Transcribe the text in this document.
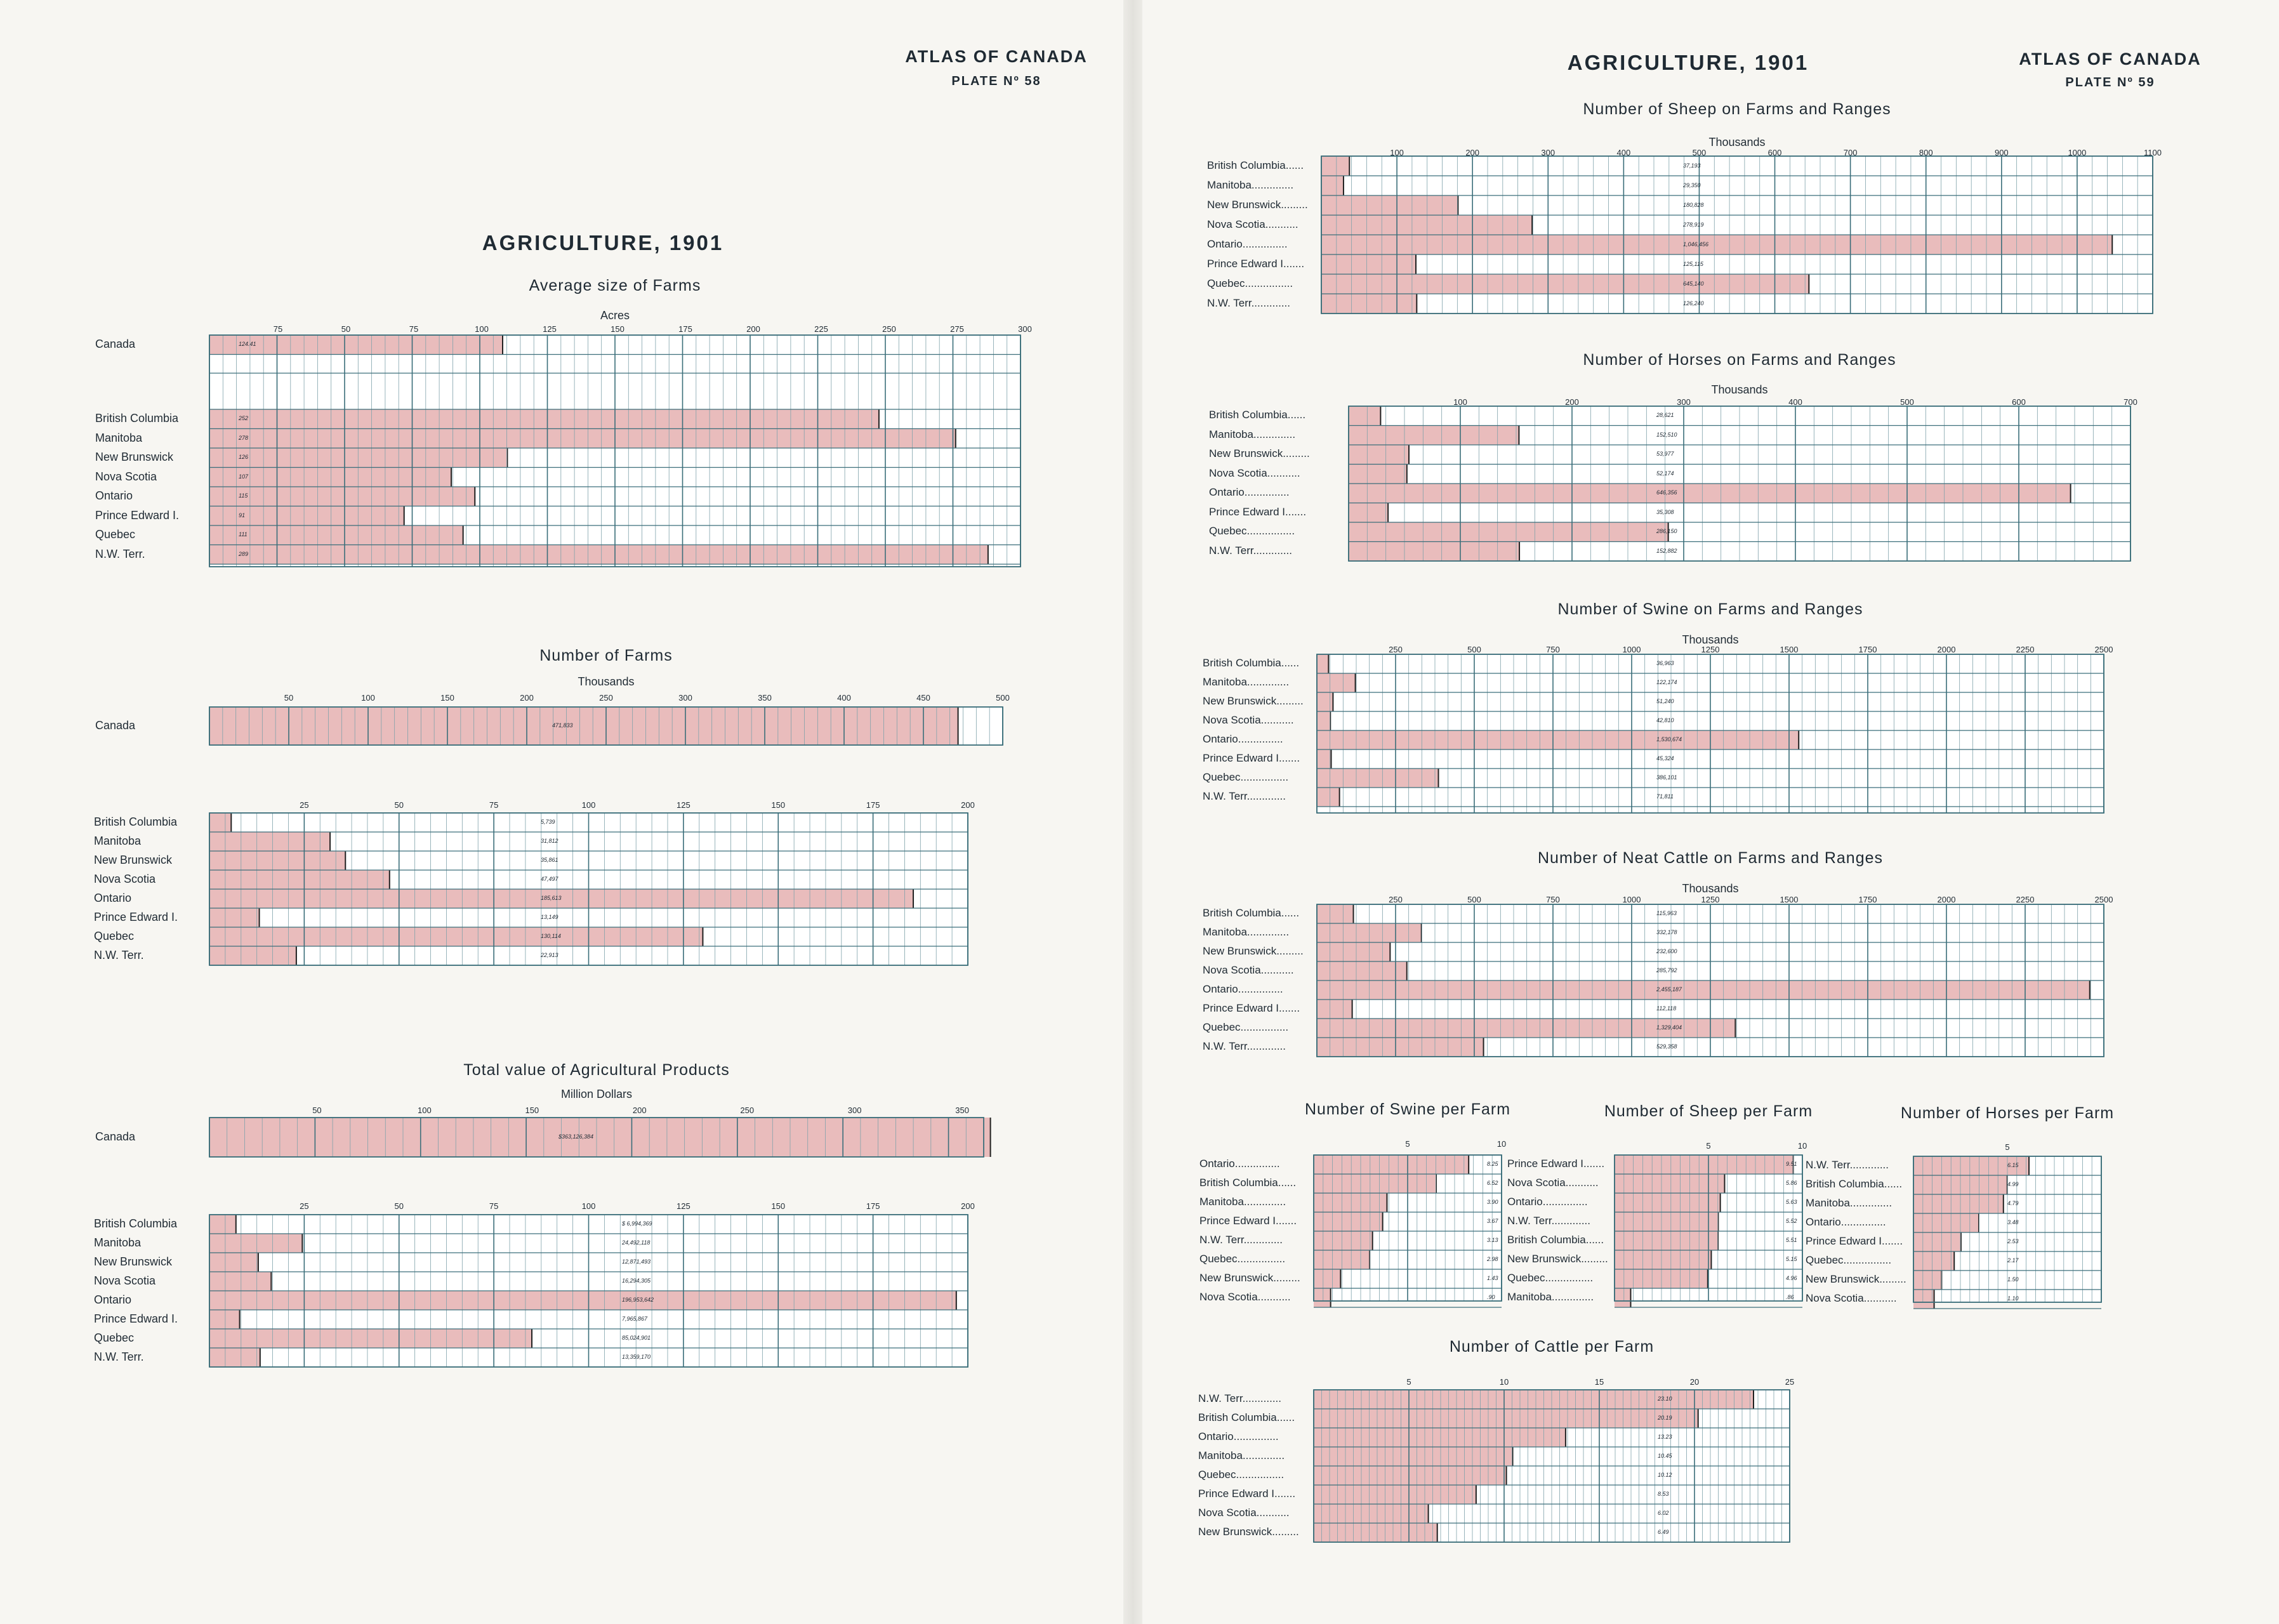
ATLAS OF CANADA
PLATE Nº 58
AGRICULTURE, 1901
ATLAS OF CANADA
PLATE Nº 59
AGRICULTURE, 1901
Average size of Farms
Acres
75	50	75	100	125	150	175	200	225	250	275	300
Canada	124.41
British Columbia	252
Manitoba	278
New Brunswick	126
Nova Scotia	107
Ontario	115
Prince Edward I.	91
Quebec	111
N.W. Terr.	289
Number of Farms
Thousands
50	100	150	200	250	300	350	400	450	500
Canada	471,833
25	50	75	100	125	150	175	200
British Columbia	5,739
Manitoba	31,812
New Brunswick	35,861
Nova Scotia	47,497
Ontario	185,613
Prince Edward I.	13,149
Quebec	130,114
N.W. Terr.	22,913
Total value of Agricultural Products
Million Dollars
50	100	150	200	250	300	350
Canada	$363,126,384
25	50	75	100	125	150	175	200
British Columbia	$ 6,994,369
Manitoba	24,492,118
New Brunswick	12,871,493
Nova Scotia	16,294,305
Ontario	196,953,642
Prince Edward I.	7,965,867
Quebec	85,024,901
N.W. Terr.	13,359,170
Number of Sheep on Farms and Ranges
Thousands
100	200	300	400	500	600	700	800	900	1000	1100
British Columbia......	37,193
Manitoba..............	29,350
New Brunswick.........	180,828
Nova Scotia...........	278,919
Ontario...............	1,046,456
Prince Edward I.......	125,115
Quebec................	645,140
N.W. Terr.............	126,240
Number of Horses on Farms and Ranges
Thousands
100	200	300	400	500	600	700
British Columbia......	28,621
Manitoba..............	152,510
New Brunswick.........	53,977
Nova Scotia...........	52,174
Ontario...............	646,356
Prince Edward I.......	35,308
Quebec................	286,150
N.W. Terr.............	152,882
Number of Swine on Farms and Ranges
Thousands
250	500	750	1000	1250	1500	1750	2000	2250	2500
British Columbia......	36,963
Manitoba..............	122,174
New Brunswick.........	51,240
Nova Scotia...........	42,810
Ontario...............	1,530,674
Prince Edward I.......	45,324
Quebec................	386,101
N.W. Terr.............	71,811
Number of Neat Cattle on Farms and Ranges
Thousands
250	500	750	1000	1250	1500	1750	2000	2250	2500
British Columbia......	115,963
Manitoba..............	332,178
New Brunswick.........	232,600
Nova Scotia...........	285,792
Ontario...............	2,455,187
Prince Edward I.......	112,118
Quebec................	1,329,404
N.W. Terr.............	529,358
Number of Swine per Farm
5	10
Ontario...............	8.25
British Columbia......	6.52
Manitoba..............	3.90
Prince Edward I.......	3.67
N.W. Terr.............	3.13
Quebec................	2.98
New Brunswick.........	1.43
Nova Scotia...........	.90
Number of Sheep per Farm
5	10
Prince Edward I.......	9.51
Nova Scotia...........	5.86
Ontario...............	5.63
N.W. Terr.............	5.52
British Columbia......	5.51
New Brunswick.........	5.15
Quebec................	4.96
Manitoba..............	.86
Number of Horses per Farm
5
N.W. Terr.............	6.15
British Columbia......	4.99
Manitoba..............	4.79
Ontario...............	3.48
Prince Edward I.......	2.53
Quebec................	2.17
New Brunswick.........	1.50
Nova Scotia...........	1.10
Number of Cattle per Farm
5	10	15	20	25
N.W. Terr.............	23.10
British Columbia......	20.19
Ontario...............	13.23
Manitoba..............	10.45
Quebec................	10.12
Prince Edward I.......	8.53
Nova Scotia...........	6.02
New Brunswick.........	6.49
